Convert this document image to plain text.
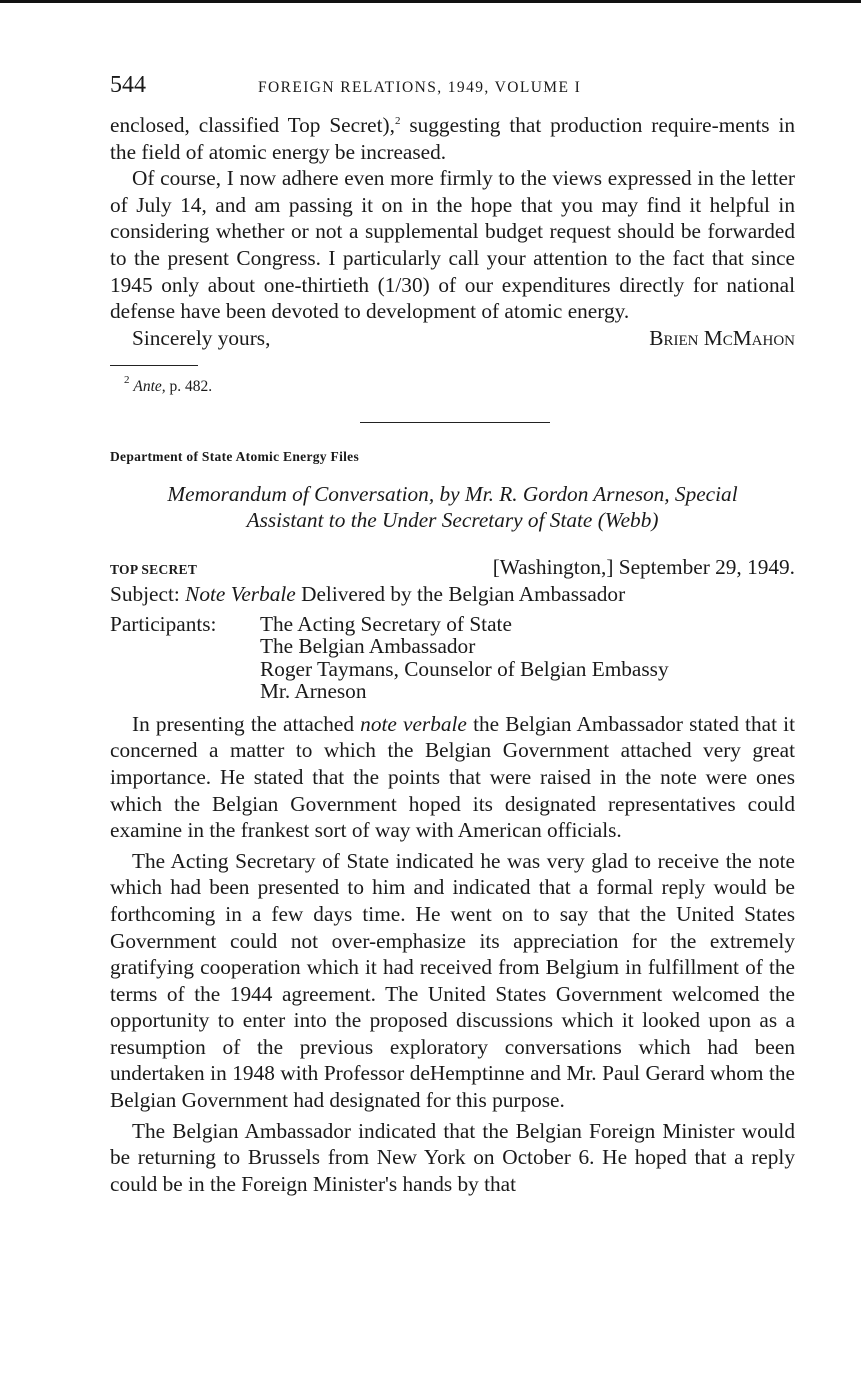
544	FOREIGN RELATIONS, 1949, VOLUME I

enclosed, classified Top Secret),$^2$ suggesting that production require-ments in the field of atomic energy be increased.

Of course, I now adhere even more firmly to the views expressed in the letter of July 14, and am passing it on in the hope that you may find it helpful in considering whether or not a supplemental budget request should be forwarded to the present Congress. I particularly call your attention to the fact that since 1945 only about one-thirtieth (1/30) of our expenditures directly for national defense have been devoted to development of atomic energy.

Sincerely yours,	Brien McMahon
$^2$ Ante, p. 482.
Department of State Atomic Energy Files
Memorandum of Conversation, by Mr. R. Gordon Arneson, Special
Assistant to the Under Secretary of State (Webb)
TOP SECRET	[Washington,] September 29, 1949.
Subject: Note Verbale Delivered by the Belgian Ambassador
Participants:	The Acting Secretary of State
The Belgian Ambassador
Roger Taymans, Counselor of Belgian Embassy
Mr. Arneson

In presenting the attached note verbale the Belgian Ambassador stated that it concerned a matter to which the Belgian Government attached very great importance. He stated that the points that were raised in the note were ones which the Belgian Government hoped its designated representatives could examine in the frankest sort of way with American officials.

The Acting Secretary of State indicated he was very glad to receive the note which had been presented to him and indicated that a formal reply would be forthcoming in a few days time. He went on to say that the United States Government could not over-emphasize its appreciation for the extremely gratifying cooperation which it had received from Belgium in fulfillment of the terms of the 1944 agreement. The United States Government welcomed the opportunity to enter into the proposed discussions which it looked upon as a resumption of the previous exploratory conversations which had been undertaken in 1948 with Professor deHemptinne and Mr. Paul Gerard whom the Belgian Government had designated for this purpose.

The Belgian Ambassador indicated that the Belgian Foreign Minister would be returning to Brussels from New York on October 6. He hoped that a reply could be in the Foreign Minister's hands by that
